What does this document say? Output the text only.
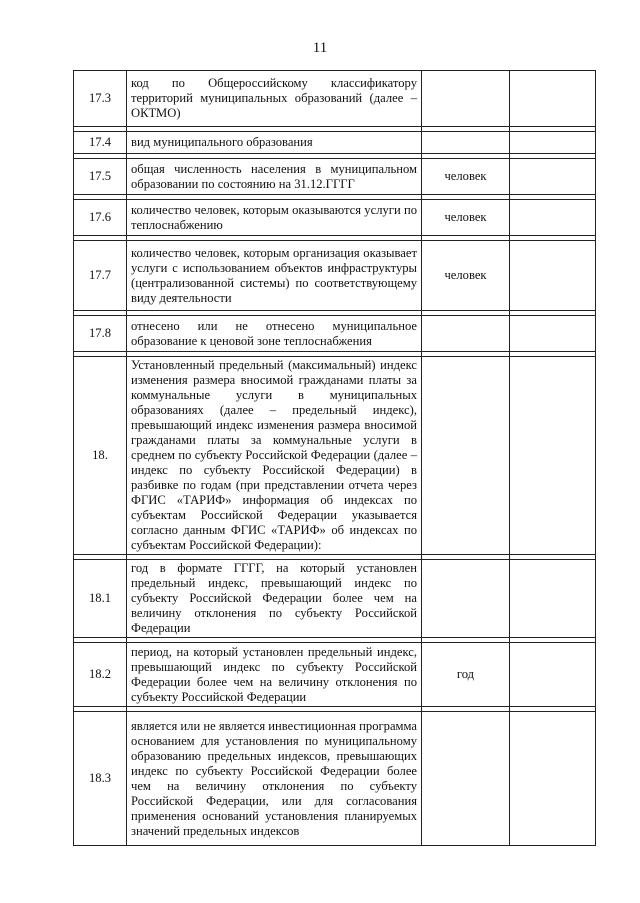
11
17.3	код по Общероссийскому классификатору территорий муниципальных образований (далее – ОКТМО)		

17.4	вид муниципального образования		

17.5	общая численность населения в муниципальном образовании по состоянию на 31.12.ГГГГ	человек	

17.6	количество человек, которым оказываются услуги по теплоснабжению	человек	

17.7	количество человек, которым организация оказывает услуги с использованием объектов инфраструктуры (централизованной системы) по соответствующему виду деятельности	человек	

17.8	отнесено или не отнесено муниципальное образование к ценовой зоне теплоснабжения		

18.	Установленный предельный (максимальный) индекс изменения размера вносимой гражданами платы за коммунальные услуги в муниципальных образованиях (далее – предельный индекс), превышающий индекс изменения размера вносимой гражданами платы за коммунальные услуги в среднем по субъекту Российской Федерации (далее – индекс по субъекту Российской Федерации) в разбивке по годам (при представлении отчета через ФГИС «ТАРИФ» информация об индексах по субъектам Российской Федерации указывается согласно данным ФГИС «ТАРИФ» об индексах по субъектам Российской Федерации):		

18.1	год в формате ГГГГ, на который установлен предельный индекс, превышающий индекс по субъекту Российской Федерации более чем на величину отклонения по субъекту Российской Федерации		

18.2	период, на который установлен предельный индекс, превышающий индекс по субъекту Российской Федерации более чем на величину отклонения по субъекту Российской Федерации	год	

18.3	является или не является инвестиционная программа основанием для установления по муниципальному образованию предельных индексов, превышающих индекс по субъекту Российской Федерации более чем на величину отклонения по субъекту Российской Федерации, или для согласования применения оснований установления планируемых значений предельных индексов		
